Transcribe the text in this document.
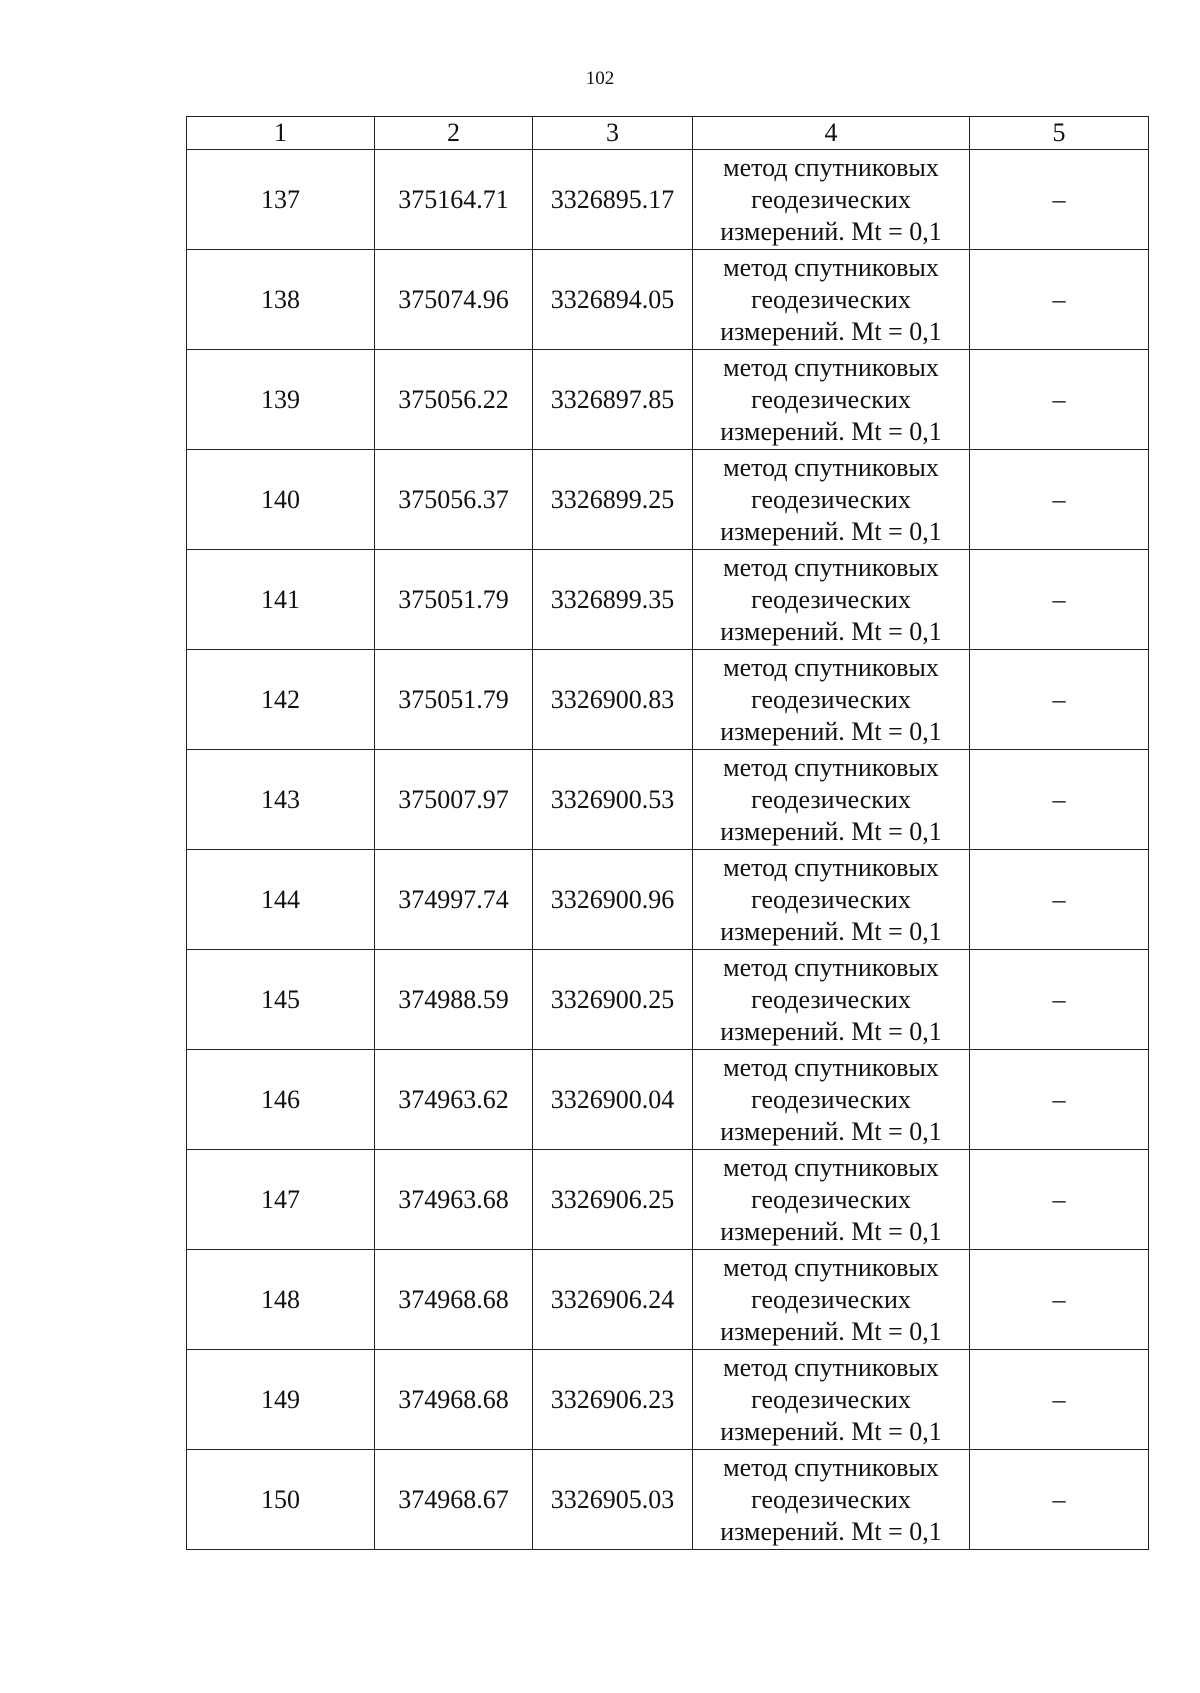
102
1	2	3	4	5
137	375164.71	3326895.17	метод спутниковых
геодезических
измерений. Mt = 0,1	–
138	375074.96	3326894.05	метод спутниковых
геодезических
измерений. Mt = 0,1	–
139	375056.22	3326897.85	метод спутниковых
геодезических
измерений. Mt = 0,1	–
140	375056.37	3326899.25	метод спутниковых
геодезических
измерений. Mt = 0,1	–
141	375051.79	3326899.35	метод спутниковых
геодезических
измерений. Mt = 0,1	–
142	375051.79	3326900.83	метод спутниковых
геодезических
измерений. Mt = 0,1	–
143	375007.97	3326900.53	метод спутниковых
геодезических
измерений. Mt = 0,1	–
144	374997.74	3326900.96	метод спутниковых
геодезических
измерений. Mt = 0,1	–
145	374988.59	3326900.25	метод спутниковых
геодезических
измерений. Mt = 0,1	–
146	374963.62	3326900.04	метод спутниковых
геодезических
измерений. Mt = 0,1	–
147	374963.68	3326906.25	метод спутниковых
геодезических
измерений. Mt = 0,1	–
148	374968.68	3326906.24	метод спутниковых
геодезических
измерений. Mt = 0,1	–
149	374968.68	3326906.23	метод спутниковых
геодезических
измерений. Mt = 0,1	–
150	374968.67	3326905.03	метод спутниковых
геодезических
измерений. Mt = 0,1	–
